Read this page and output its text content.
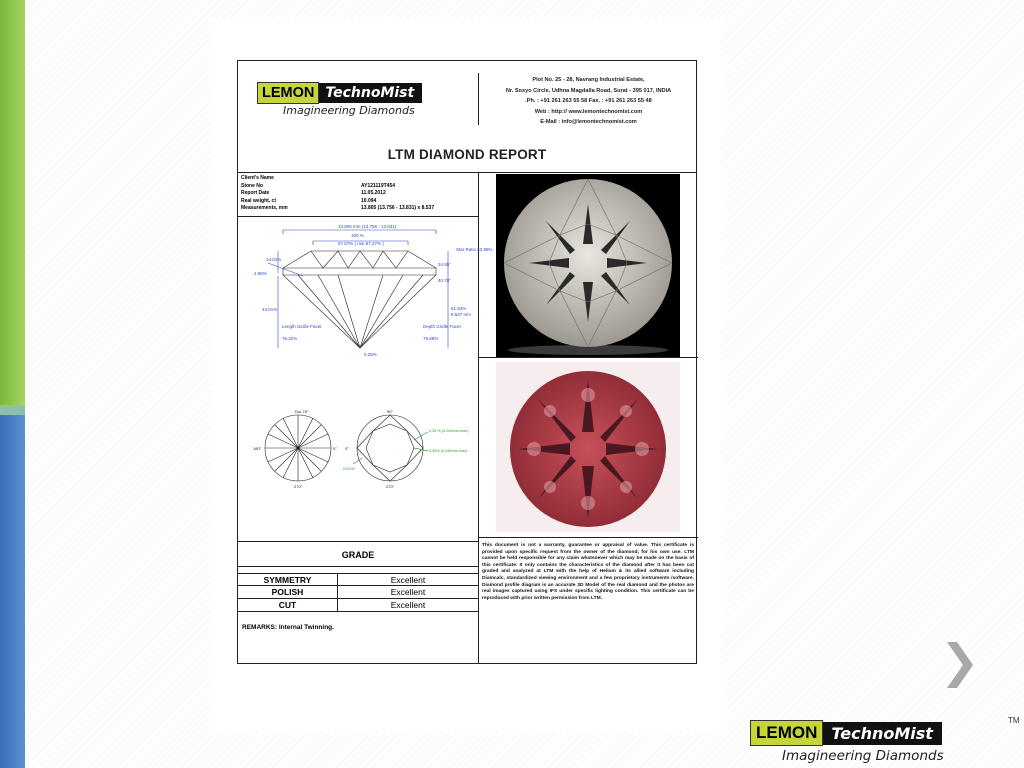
LEMON TechnoMist
Imagineering Diamonds
Plot No. 25 - 28, Navrang Industrial Estate,
Nr. Sosyo Circle, Udhna Magdalla Road, Surat - 395 017, INDIA
.Ph. : +91 261 263 55 58 Fax. : +91 261 263 55 48
Web : http:// www.lemontechnomist.com
E-Mail : info@lemontechnomist.com
LTM DIAMOND REPORT
Client's Name
Stone No	AY121119T454
Report Date	11.05.2012
Real weight, ct	10.094
Measurements, mm	13.805 (13.756 - 13.831) x 8.537
13.805 mm (13.756 - 13.831)
100 %
57.57% ( min 57.27% )
14.04%
2.98%
43.01%
Star Ratio 52.88%
34.95°
40.78°
61.84%
8.537 mm
0.25%
Length Girdle Facet
76.32%
Depth Girdle Facet
79.68%
Dur 78°
180°	0°
270°
90°
0°
270°
0.35 % (0.046mm max)
0.35% (0.046mm max)
0.0005
GRADE
SYMMETRY	Excellent
POLISH	Excellent
CUT	Excellent
REMARKS: Internal Twinning.
This document is not a warranty, guarantee or appraisal of value. This certificate is provided upon specific request from the owner of the diamond, for his own use. LTM cannot be held responsible for any claim whatsoever which may be made on the basis of this certificate. It only contains the characteristics of the diamond after it has been cut graded and analyzed at LTM with the help of Helium & its allied software including Diamcalc, standardized viewing environment and a few proprietary instruments /software. Diamond profile diagram is an accurate 3D Model of the real diamond and the photos are real images captured using IFS under specific lighting condition. This certificate can be reproduced with prior written permission from LTM.
LEMON TechnoMist
Imagineering Diamonds
TM
